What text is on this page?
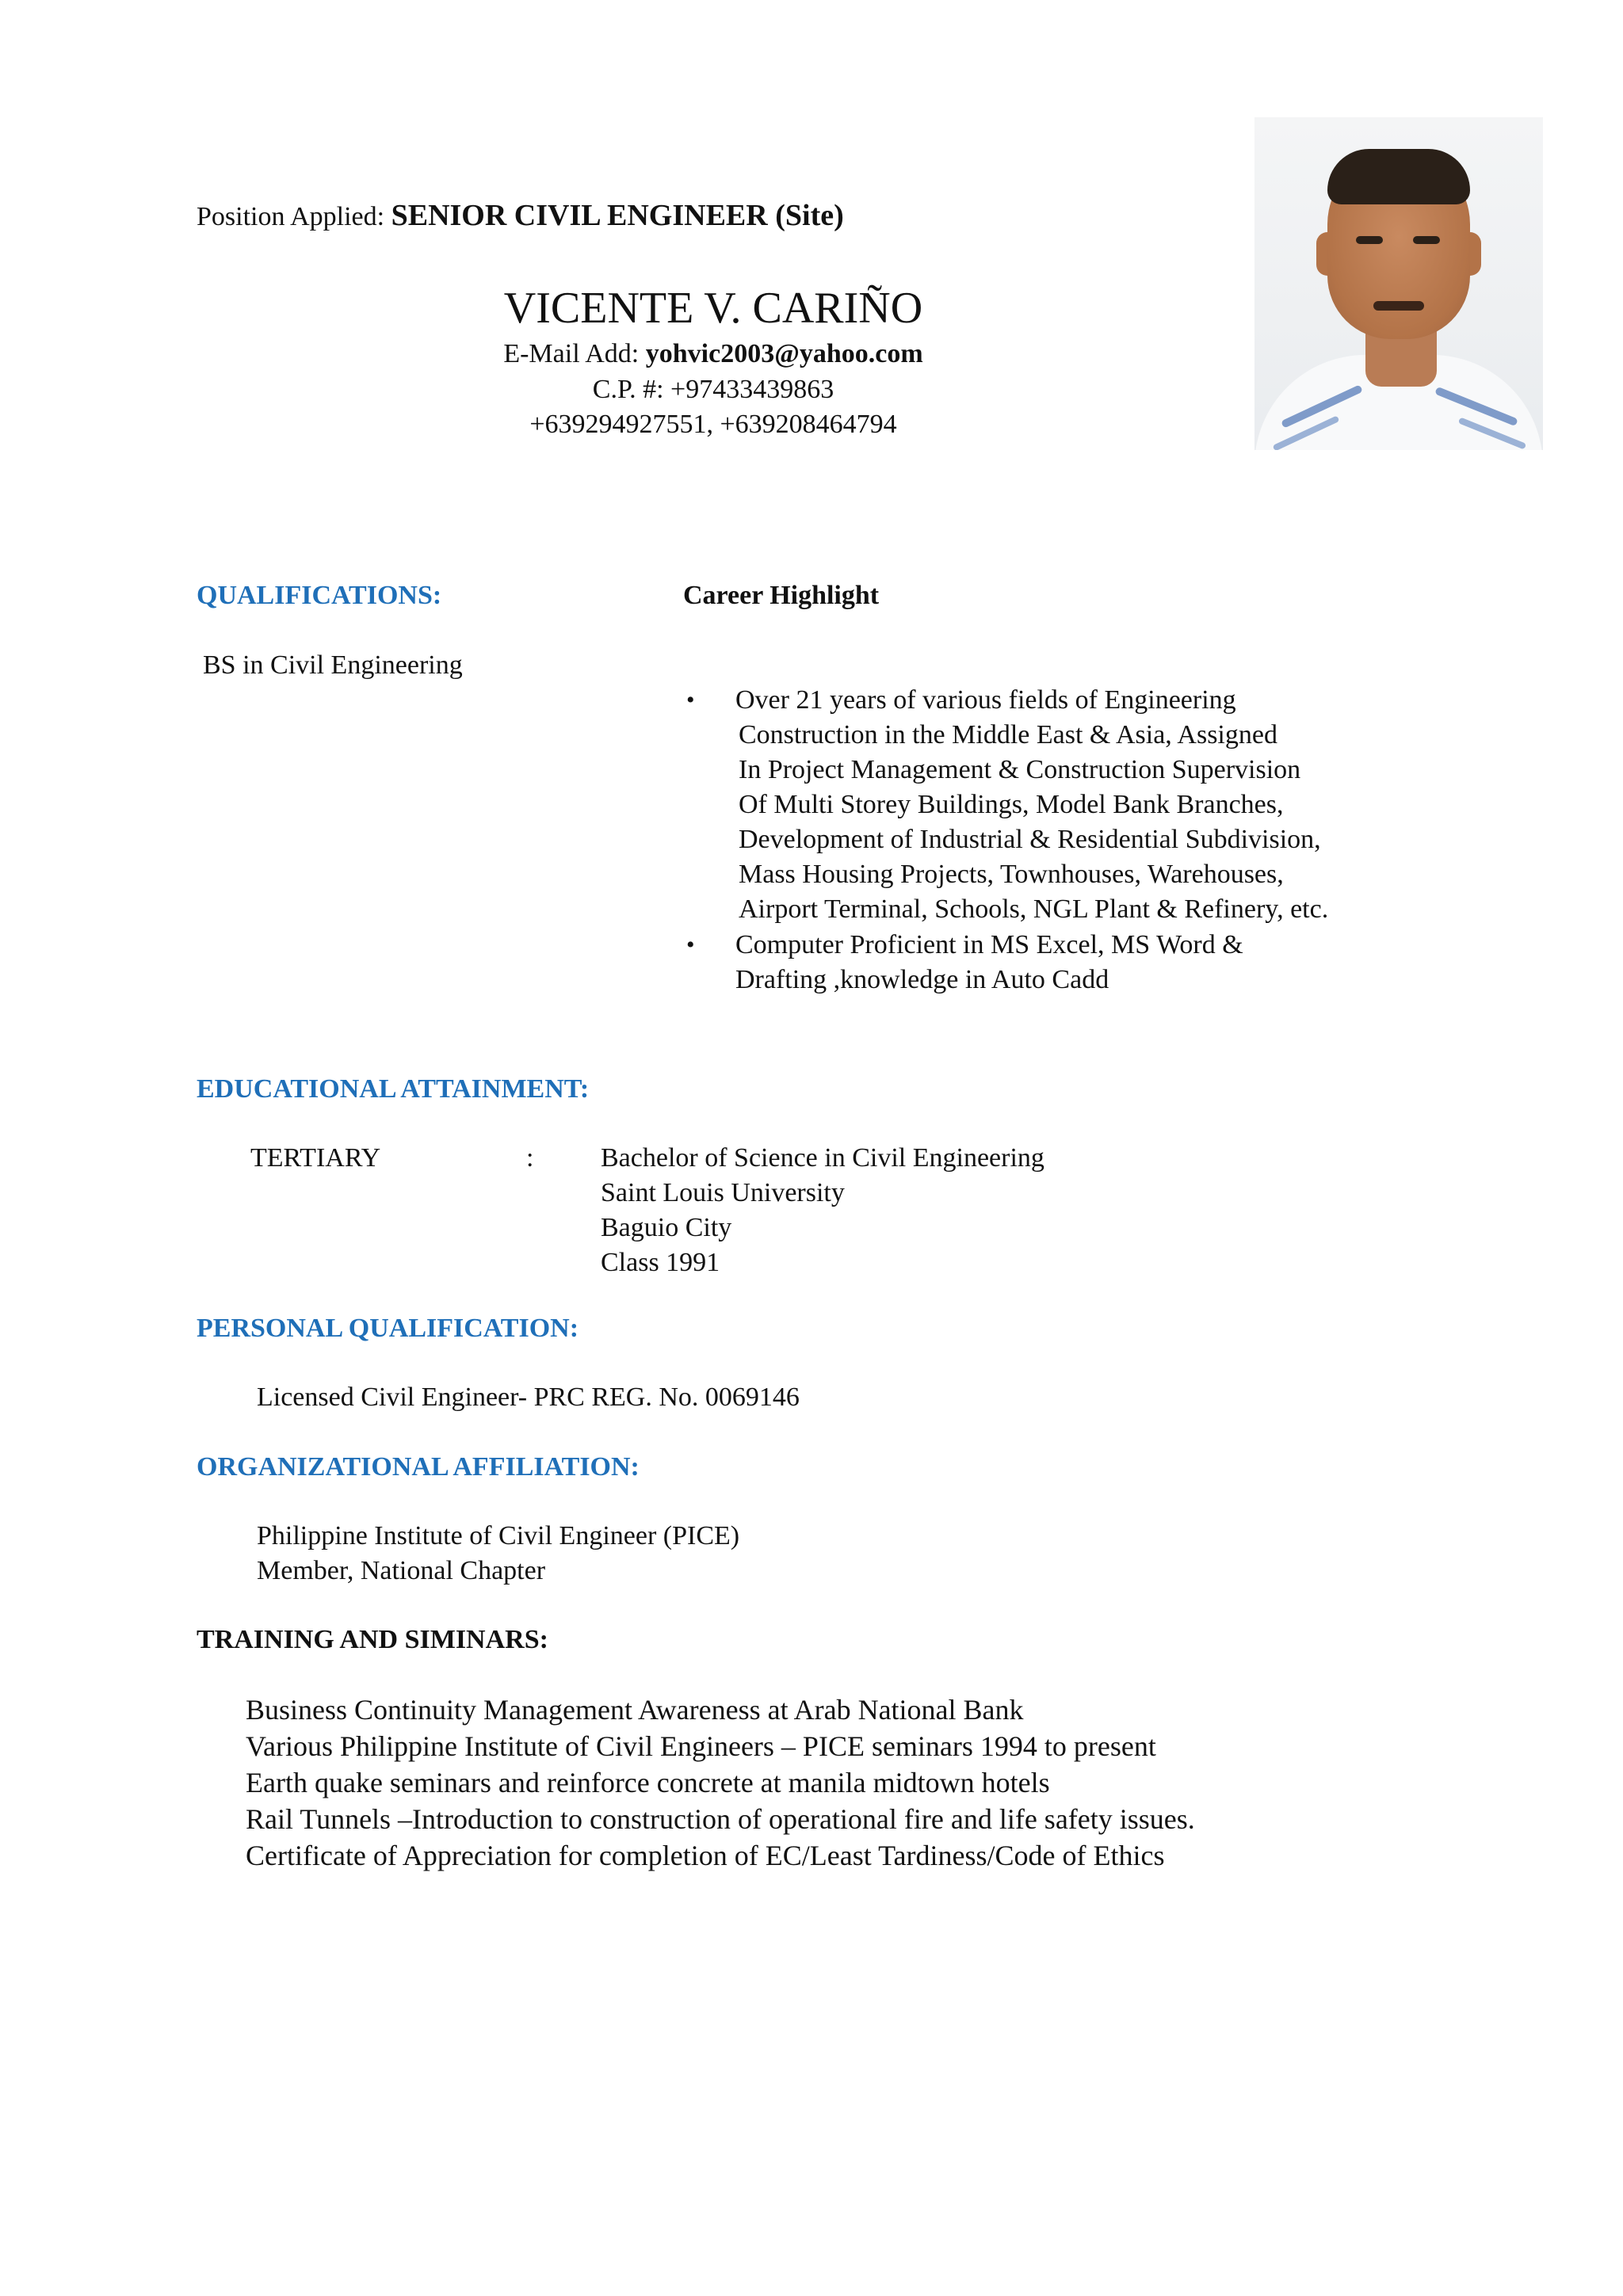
Position Applied: SENIOR CIVIL ENGINEER (Site)
VICENTE V. CARIÑO
E-Mail Add: yohvic2003@yahoo.com
C.P. #: +97433439863
+639294927551, +639208464794
QUALIFICATIONS:	Career Highlight
BS in Civil Engineering
• Over 21 years of various fields of Engineering
Construction in the Middle East & Asia, Assigned
In Project Management & Construction Supervision
Of Multi Storey Buildings, Model Bank Branches,
Development of Industrial & Residential Subdivision,
Mass Housing Projects, Townhouses, Warehouses,
Airport Terminal, Schools, NGL Plant & Refinery, etc.
• Computer Proficient in MS Excel, MS Word &
Drafting ,knowledge in Auto Cadd
EDUCATIONAL ATTAINMENT:
TERTIARY	: Bachelor of Science in Civil Engineering
Saint Louis University
Baguio City
Class 1991
PERSONAL QUALIFICATION:
Licensed Civil Engineer- PRC REG. No. 0069146
ORGANIZATIONAL AFFILIATION:
Philippine Institute of Civil Engineer (PICE)
Member, National Chapter
TRAINING AND SIMINARS:
Business Continuity Management Awareness at Arab National Bank
Various Philippine Institute of Civil Engineers – PICE seminars 1994 to present
Earth quake seminars and reinforce concrete at manila midtown hotels
Rail Tunnels –Introduction to construction of operational fire and life safety issues.
Certificate of Appreciation for completion of EC/Least Tardiness/Code of Ethics
